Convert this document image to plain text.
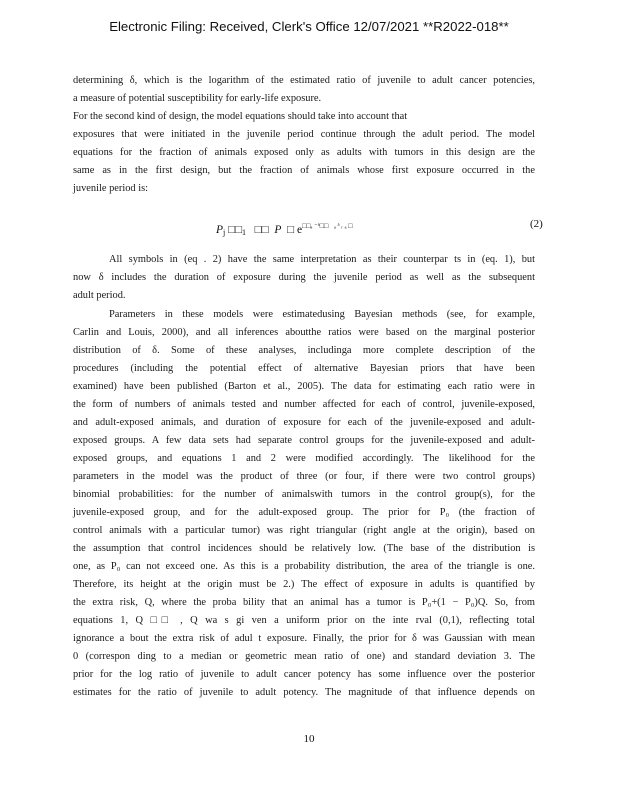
Electronic Filing: Received, Clerk's Office 12/07/2021 **R2022-018**
determining δ, which is the logarithm of the estimated ratio of juvenile to adult cancer potencies,
a measure of potential susceptibility for early-life exposure.
For the second kind of design, the model equations should take into account that
exposures that were initiated in the juvenile period continue through the adult period. The model
equations for the fraction of animals exposed only as adults with tumors in this design are the
same as in the first design, but the fraction of animals whose first exposure occurred in the
juvenile period is:
$P_j$ $□□_1$ □□ P □ $e^{□□_a ^-ᵟ□□}$ $^{_a ᵟ ᵣ _a □}$	(2)
All symbols in (eq . 2) have the same interpretation as their counterpar ts in (eq. 1), but
now δ includes the duration of exposure during the juvenile period as well as the subsequent
adult period.
Parameters in these models were estimatedusing Bayesian methods (see, for example,
Carlin and Louis, 2000), and all inferences aboutthe ratios were based on the marginal posterior
distribution of δ. Some of these analyses, includinga more complete description of the
procedures (including the potential effect of alternative Bayesian priors that have been
examined) have been published (Barton et al., 2005). The data for estimating each ratio were in
the form of numbers of animals tested and number affected for each of control, juvenile-exposed,
and adult-exposed animals, and duration of exposure for each of the juvenile-exposed and adult-
exposed groups. A few data sets had separate control groups for the juvenile-exposed and adult-
exposed groups, and equations 1 and 2 were modified accordingly. The likelihood for the
parameters in the model was the product of three (or four, if there were two control groups)
binomial probabilities: for the number of animalswith tumors in the control group(s), for the
juvenile-exposed group, and for the adult-exposed group. The prior for P₀ (the fraction of
control animals with a particular tumor) was right triangular (right angle at the origin), based on
the assumption that control incidences should be relatively low. (The base of the distribution is
one, as P₀ can not exceed one. As this is a probability distribution, the area of the triangle is one.
Therefore, its height at the origin must be 2.) The effect of exposure in adults is quantified by
the extra risk, Q, where the proba bility that an animal has a tumor is P₀+(1 − P₀)Q. So, from
equations 1, Q □□ , Q wa s gi ven a uniform prior on the inte rval (0,1), reflecting total
ignorance a bout the extra risk of adul t exposure. Finally, the prior for δ was Gaussian with mean
0 (correspon ding to a median or geometric mean ratio of one) and standard deviation 3. The
prior for the log ratio of juvenile to adult cancer potency has some influence over the posterior
estimates for the ratio of juvenile to adult potency. The magnitude of that influence depends on
10
